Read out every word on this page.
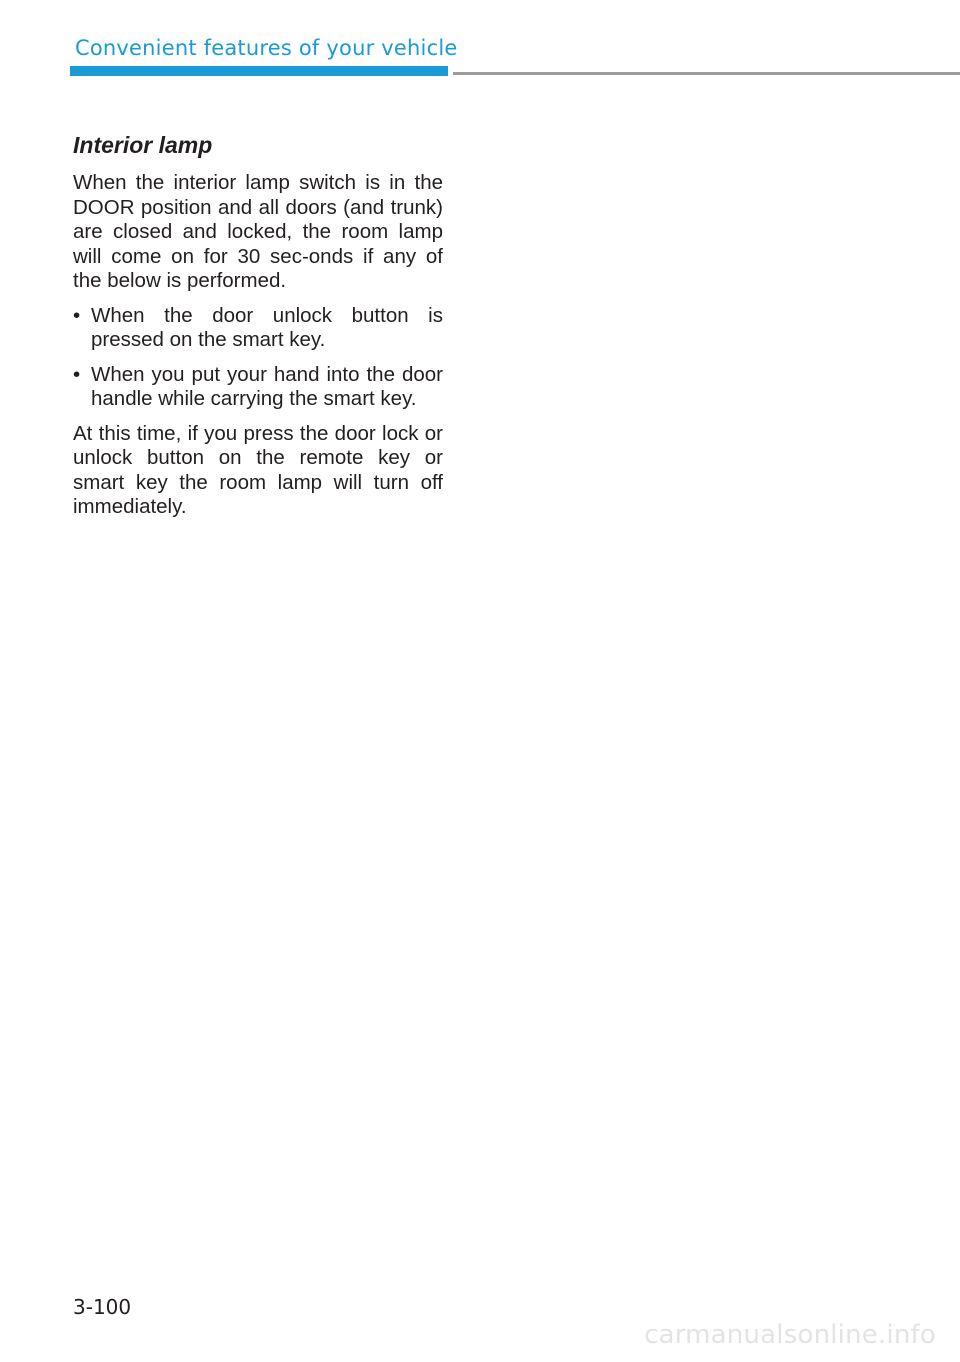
Convenient features of your vehicle
Interior lamp

When the interior lamp switch is in the DOOR position and all doors (and trunk) are closed and locked, the room lamp will come on for 30 sec-onds if any of the below is performed.

• When the door unlock button is pressed on the smart key.
• When you put your hand into the door handle while carrying the smart key.

At this time, if you press the door lock or unlock button on the remote key or smart key the room lamp will turn off immediately.

3-100
carmanualsonline.info
